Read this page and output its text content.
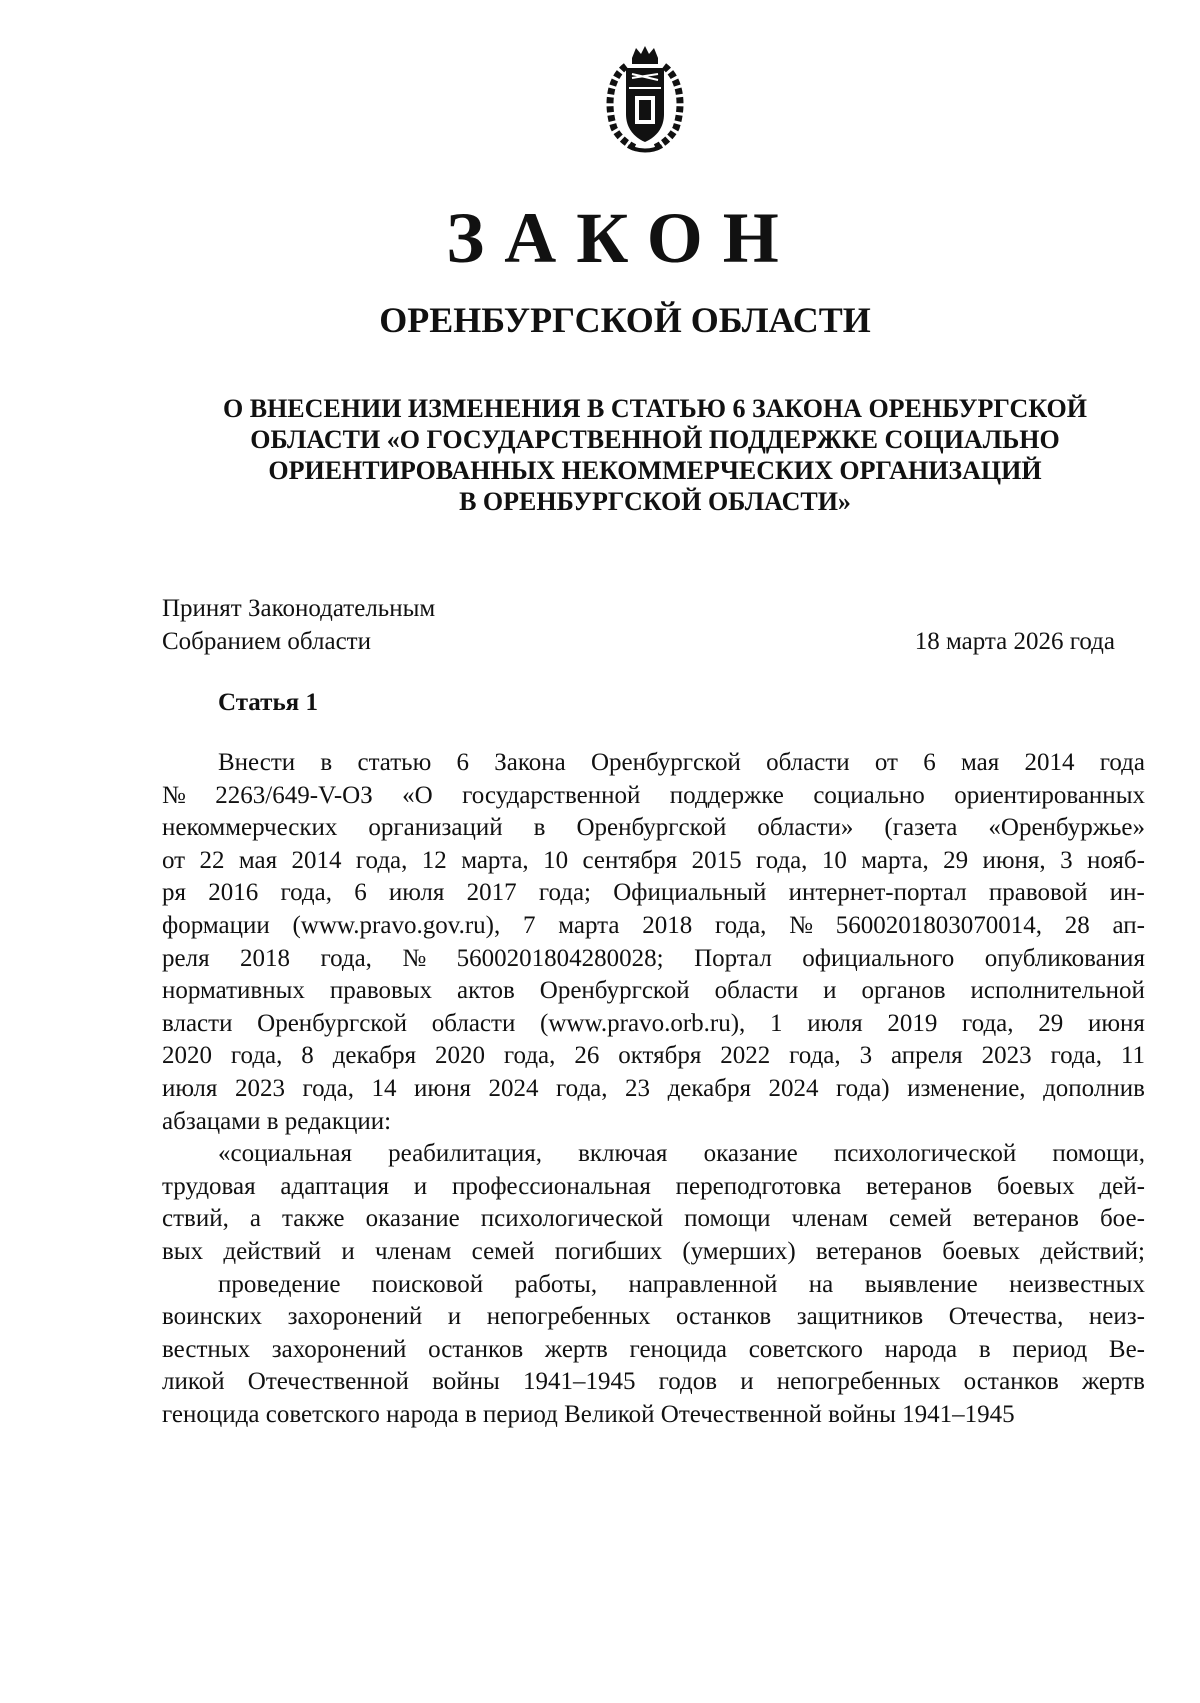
ЗАКОН
ОРЕНБУРГСКОЙ ОБЛАСТИ
О ВНЕСЕНИИ ИЗМЕНЕНИЯ В СТАТЬЮ 6 ЗАКОНА ОРЕНБУРГСКОЙ
ОБЛАСТИ «О ГОСУДАРСТВЕННОЙ ПОДДЕРЖКЕ СОЦИАЛЬНО
ОРИЕНТИРОВАННЫХ НЕКОММЕРЧЕСКИХ ОРГАНИЗАЦИЙ
В ОРЕНБУРГСКОЙ ОБЛАСТИ»
Принят Законодательным
Собранием области	18 марта 2026 года
Статья 1
Внести в статью 6 Закона Оренбургской области от 6 мая 2014 года
№ 2263/649-V-ОЗ «О государственной поддержке социально ориентированных
некоммерческих организаций в Оренбургской области» (газета «Оренбуржье»
от 22 мая 2014 года, 12 марта, 10 сентября 2015 года, 10 марта, 29 июня, 3 нояб-
ря 2016 года, 6 июля 2017 года; Официальный интернет-портал правовой ин-
формации (www.pravo.gov.ru), 7 марта 2018 года, № 5600201803070014, 28 ап-
реля 2018 года, № 5600201804280028; Портал официального опубликования
нормативных правовых актов Оренбургской области и органов исполнительной
власти Оренбургской области (www.pravo.orb.ru), 1 июля 2019 года, 29 июня
2020 года, 8 декабря 2020 года, 26 октября 2022 года, 3 апреля 2023 года, 11
июля 2023 года, 14 июня 2024 года, 23 декабря 2024 года) изменение, дополнив
абзацами в редакции:
«социальная реабилитация, включая оказание психологической помощи,
трудовая адаптация и профессиональная переподготовка ветеранов боевых дей-
ствий, а также оказание психологической помощи членам семей ветеранов бое-
вых действий и членам семей погибших (умерших) ветеранов боевых действий;
проведение поисковой работы, направленной на выявление неизвестных
воинских захоронений и непогребенных останков защитников Отечества, неиз-
вестных захоронений останков жертв геноцида советского народа в период Ве-
ликой Отечественной войны 1941–1945 годов и непогребенных останков жертв
геноцида советского народа в период Великой Отечественной войны 1941–1945
